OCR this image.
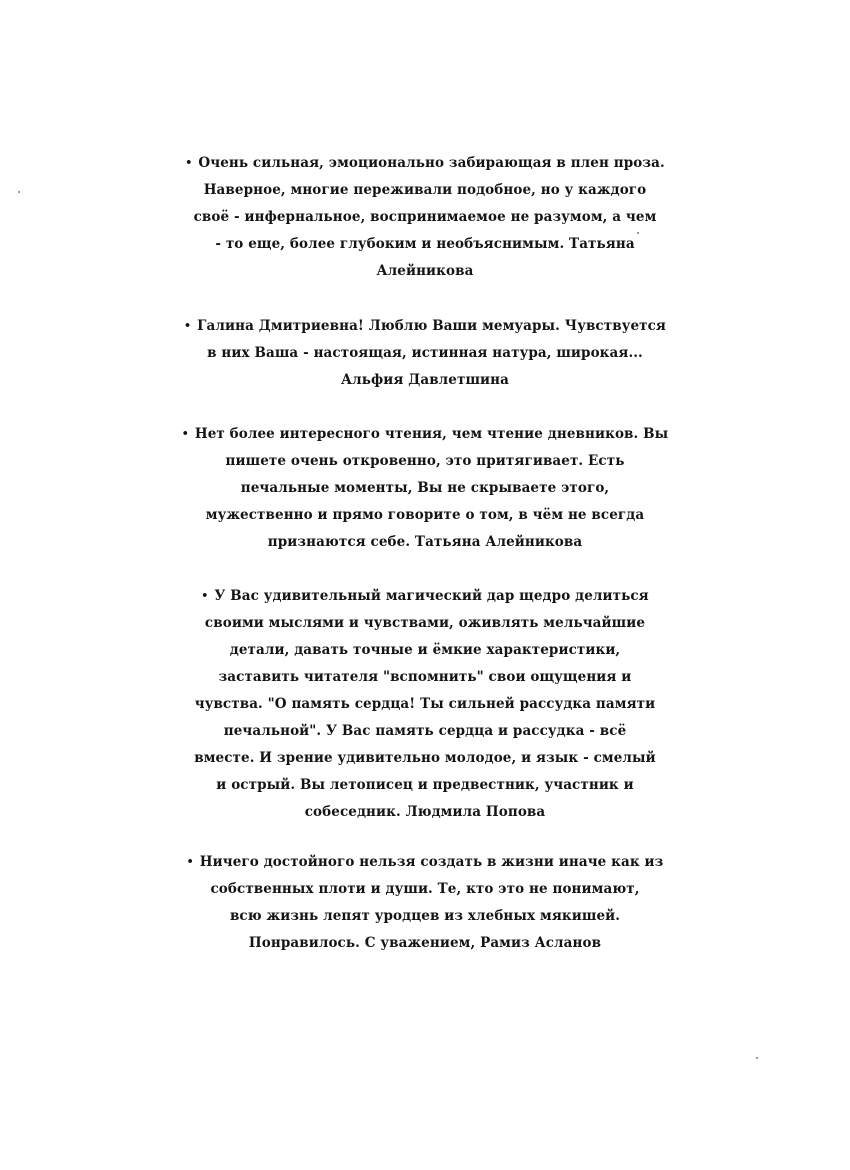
• Очень сильная, эмоционально забирающая в плен проза.
Наверное, многие переживали подобное, но у каждого
своё - инфернальное, воспринимаемое не разумом, а чем
- то еще, более глубоким и необъяснимым. Татьяна
Алейникова
• Галина Дмитриевна! Люблю Ваши мемуары. Чувствуется
в них Ваша - настоящая, истинная натура, широкая...
Альфия Давлетшина
• Нет более интересного чтения, чем чтение дневников. Вы
пишете очень откровенно, это притягивает. Есть
печальные моменты, Вы не скрываете этого,
мужественно и прямо говорите о том, в чём не всегда
признаются себе. Татьяна Алейникова
• У Вас удивительный магический дар щедро делиться
своими мыслями и чувствами, оживлять мельчайшие
детали, давать точные и ёмкие характеристики,
заставить читателя "вспомнить" свои ощущения и
чувства. "О память сердца! Ты сильней рассудка памяти
печальной". У Вас память сердца и рассудка - всё
вместе. И зрение удивительно молодое, и язык - смелый
и острый. Вы летописец и предвестник, участник и
собеседник. Людмила Попова
• Ничего достойного нельзя создать в жизни иначе как из
собственных плоти и души. Те, кто это не понимают,
всю жизнь лепят уродцев из хлебных мякишей.
Понравилось. С уважением, Рамиз Асланов
